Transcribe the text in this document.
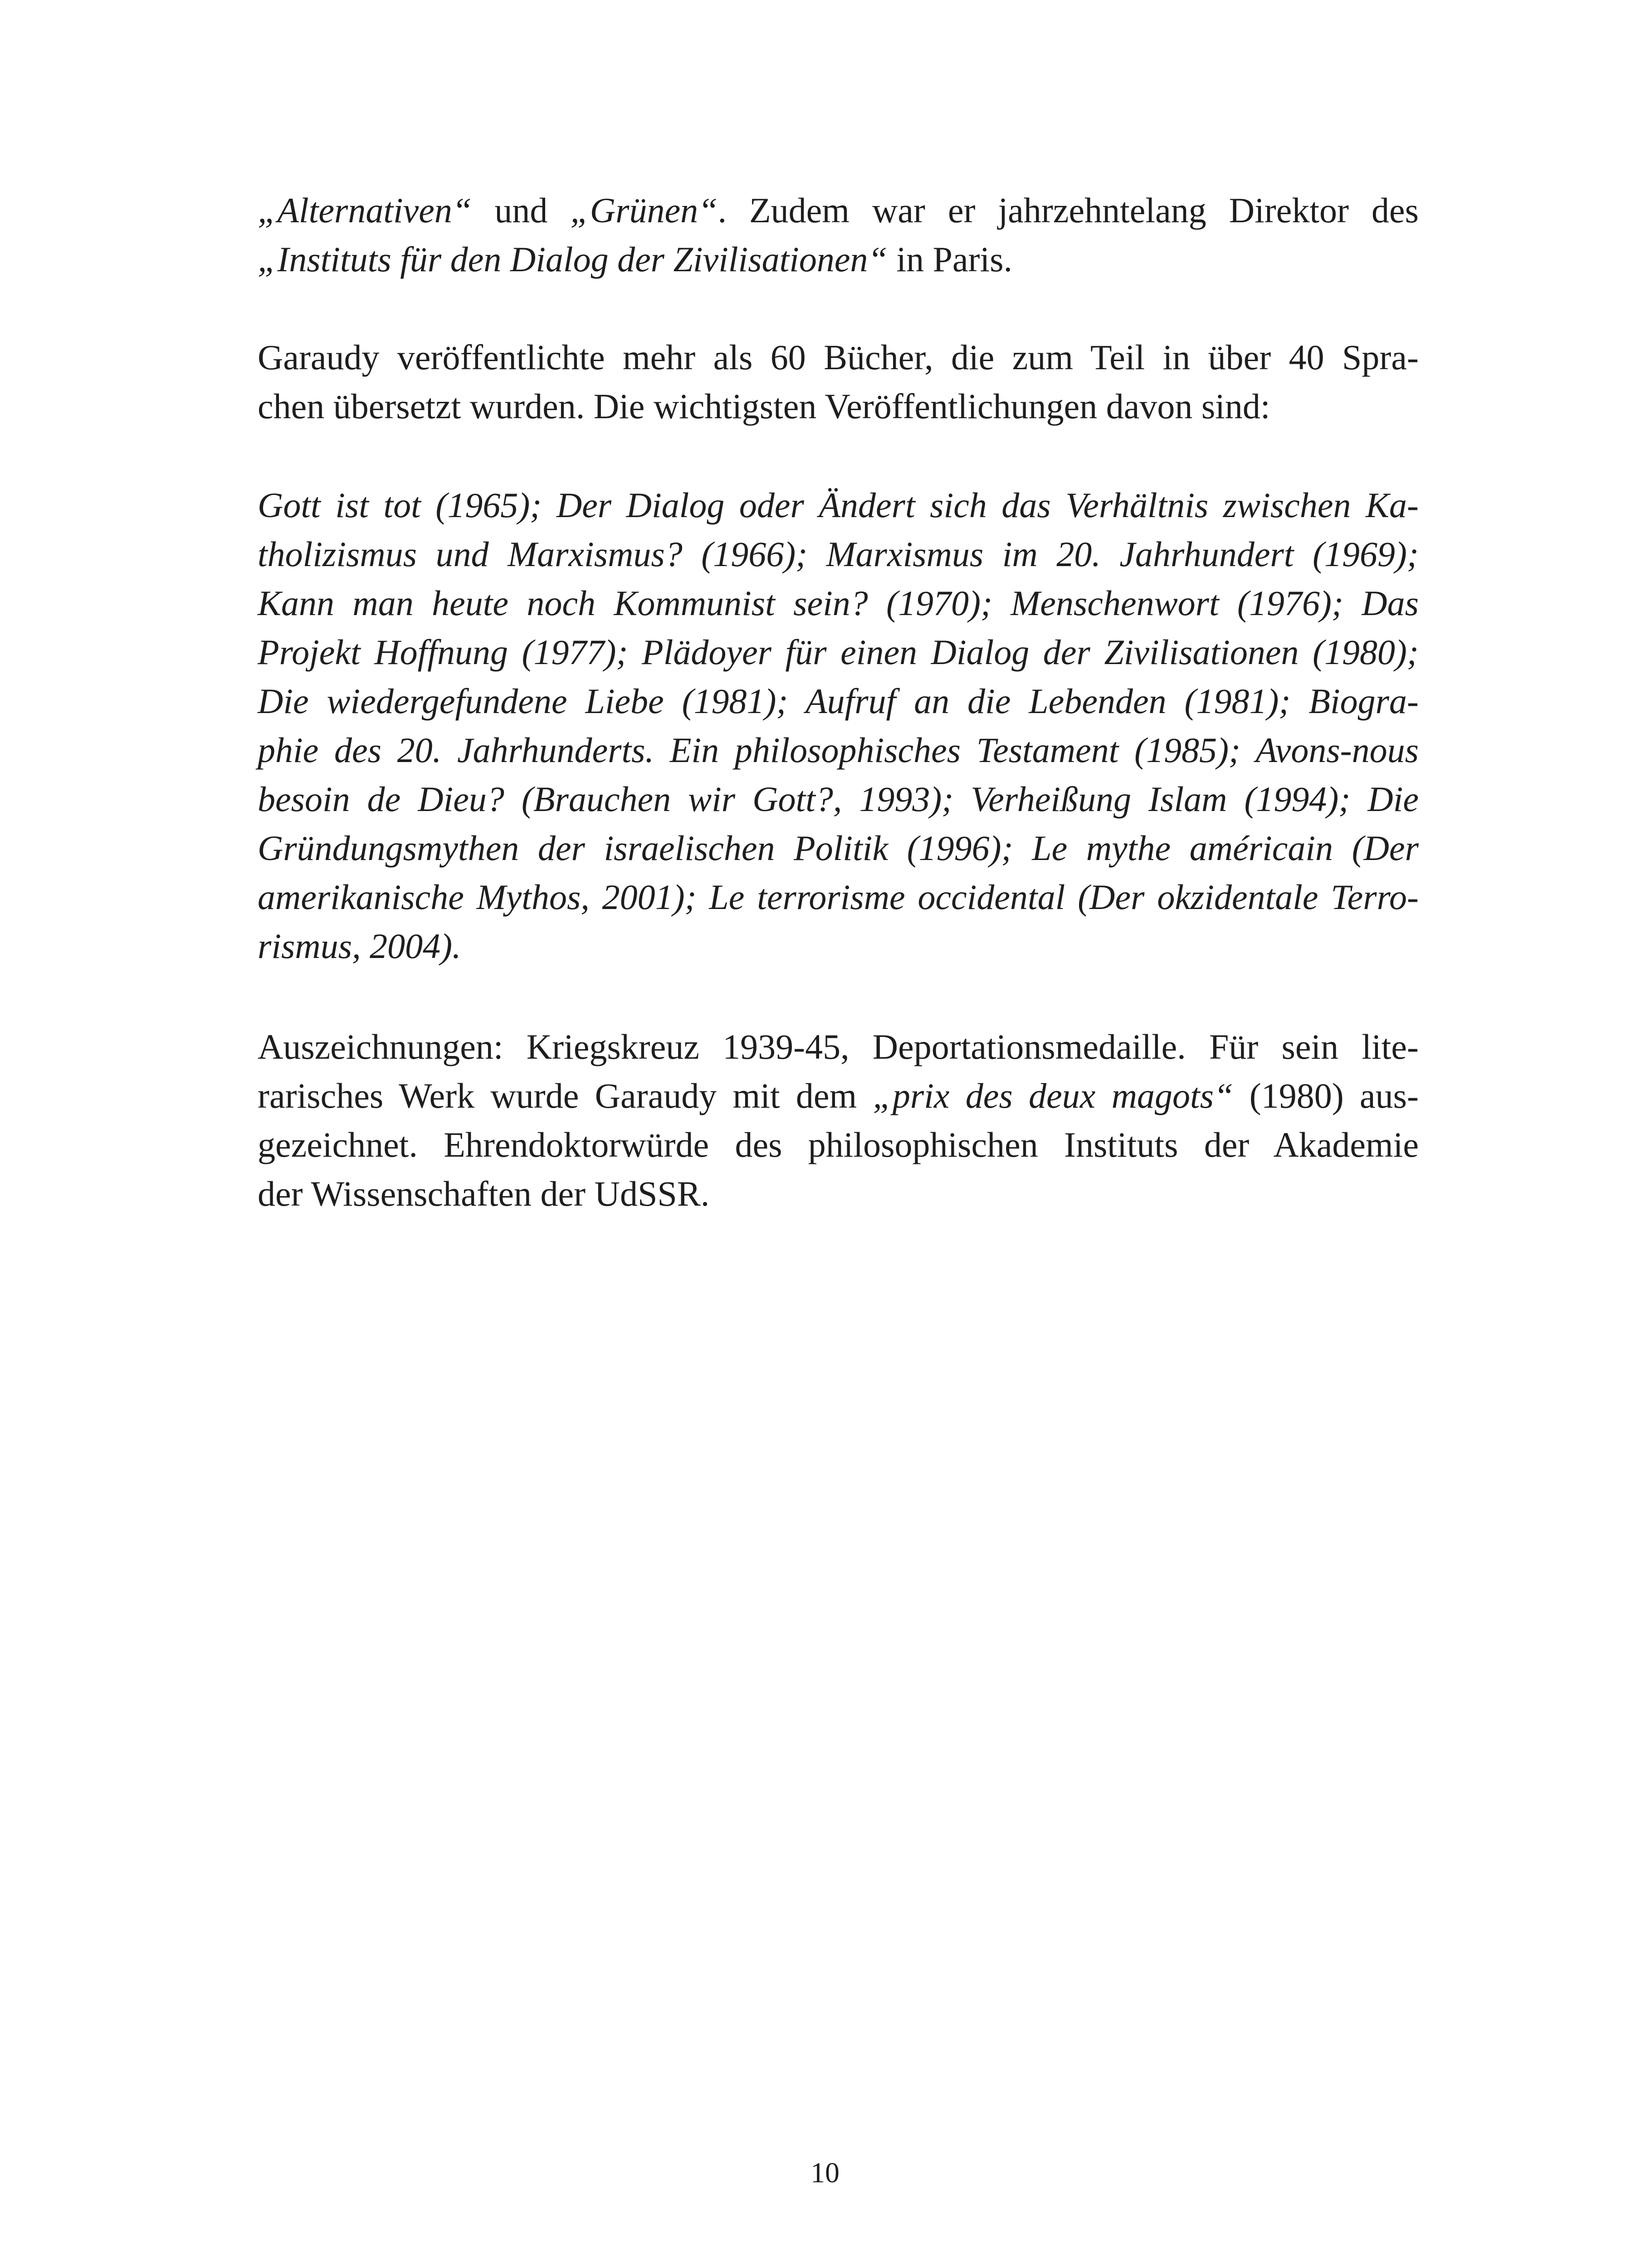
„Alternativen“ und „Grünen“. Zudem war er jahrzehntelang Direktor des
„Instituts für den Dialog der Zivilisationen“ in Paris.
Garaudy veröffentlichte mehr als 60 Bücher, die zum Teil in über 40 Spra-
chen übersetzt wurden. Die wichtigsten Veröffentlichungen davon sind:
Gott ist tot (1965); Der Dialog oder Ändert sich das Verhältnis zwischen Ka-
tholizismus und Marxismus? (1966); Marxismus im 20. Jahrhundert (1969);
Kann man heute noch Kommunist sein? (1970); Menschenwort (1976); Das
Projekt Hoffnung (1977); Plädoyer für einen Dialog der Zivilisationen (1980);
Die wiedergefundene Liebe (1981); Aufruf an die Lebenden (1981); Biogra-
phie des 20. Jahrhunderts. Ein philosophisches Testament (1985); Avons-nous
besoin de Dieu? (Brauchen wir Gott?, 1993); Verheißung Islam (1994); Die
Gründungsmythen der israelischen Politik (1996); Le mythe américain (Der
amerikanische Mythos, 2001); Le terrorisme occidental (Der okzidentale Terro-
rismus, 2004).
Auszeichnungen: Kriegskreuz 1939-45, Deportationsmedaille. Für sein lite-
rarisches Werk wurde Garaudy mit dem „prix des deux magots“ (1980) aus-
gezeichnet. Ehrendoktorwürde des philosophischen Instituts der Akademie
der Wissenschaften der UdSSR.
10
